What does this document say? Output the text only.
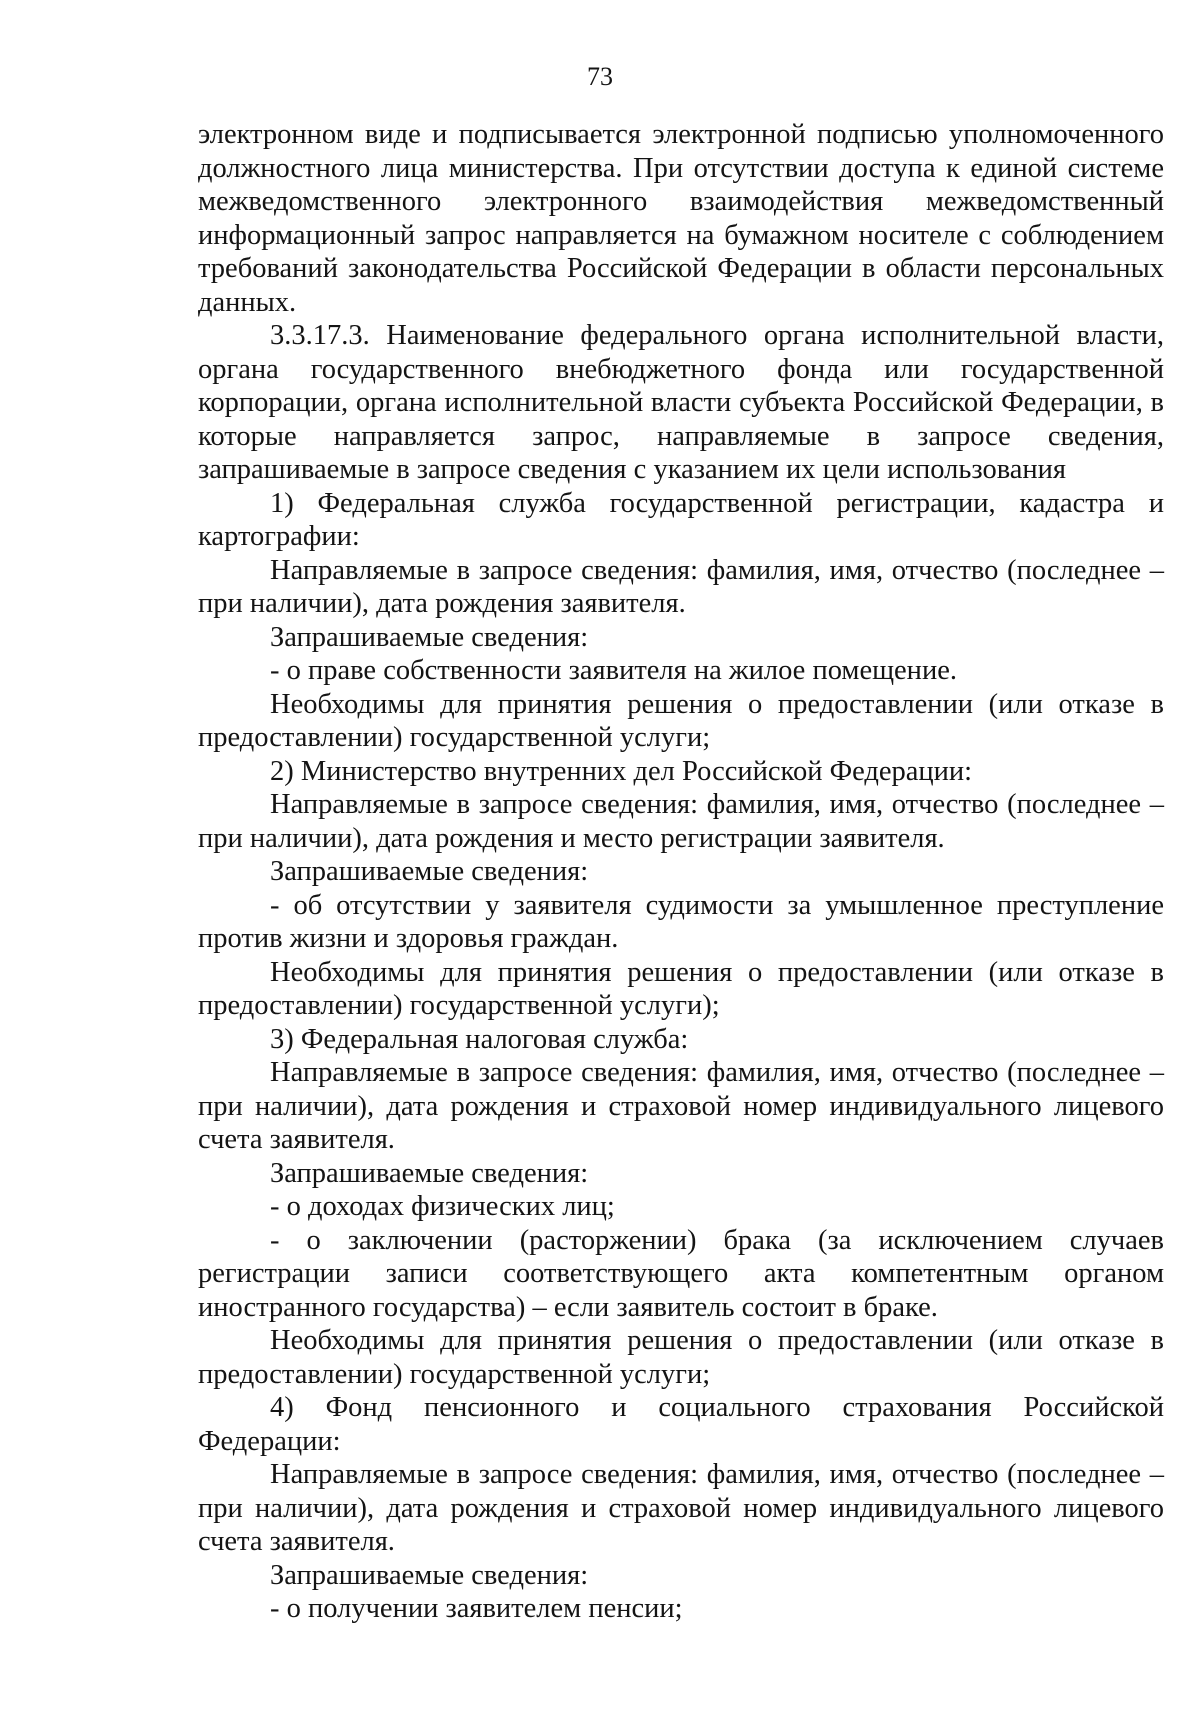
73

электронном виде и подписывается электронной подписью уполномоченного должностного лица министерства. При отсутствии доступа к единой системе межведомственного электронного взаимодействия межведомственный информационный запрос направляется на бумажном носителе с соблюдением требований законодательства Российской Федерации в области персональных данных.

3.3.17.3. Наименование федерального органа исполнительной власти, органа государственного внебюджетного фонда или государственной корпорации, органа исполнительной власти субъекта Российской Федерации, в которые направляется запрос, направляемые в запросе сведения, запрашиваемые в запросе сведения с указанием их цели использования

1) Федеральная служба государственной регистрации, кадастра и картографии:

Направляемые в запросе сведения: фамилия, имя, отчество (последнее – при наличии), дата рождения заявителя.

Запрашиваемые сведения:

- о праве собственности заявителя на жилое помещение.

Необходимы для принятия решения о предоставлении (или отказе в предоставлении) государственной услуги;

2) Министерство внутренних дел Российской Федерации:

Направляемые в запросе сведения: фамилия, имя, отчество (последнее – при наличии), дата рождения и место регистрации заявителя.

Запрашиваемые сведения:

- об отсутствии у заявителя судимости за умышленное преступление против жизни и здоровья граждан.

Необходимы для принятия решения о предоставлении (или отказе в предоставлении) государственной услуги);

3) Федеральная налоговая служба:

Направляемые в запросе сведения: фамилия, имя, отчество (последнее – при наличии), дата рождения и страховой номер индивидуального лицевого счета заявителя.

Запрашиваемые сведения:

- о доходах физических лиц;

- о заключении (расторжении) брака (за исключением случаев регистрации записи соответствующего акта компетентным органом иностранного государства) – если заявитель состоит в браке.

Необходимы для принятия решения о предоставлении (или отказе в предоставлении) государственной услуги;

4) Фонд пенсионного и социального страхования Российской Федерации:

Направляемые в запросе сведения: фамилия, имя, отчество (последнее – при наличии), дата рождения и страховой номер индивидуального лицевого счета заявителя.

Запрашиваемые сведения:

- о получении заявителем пенсии;
